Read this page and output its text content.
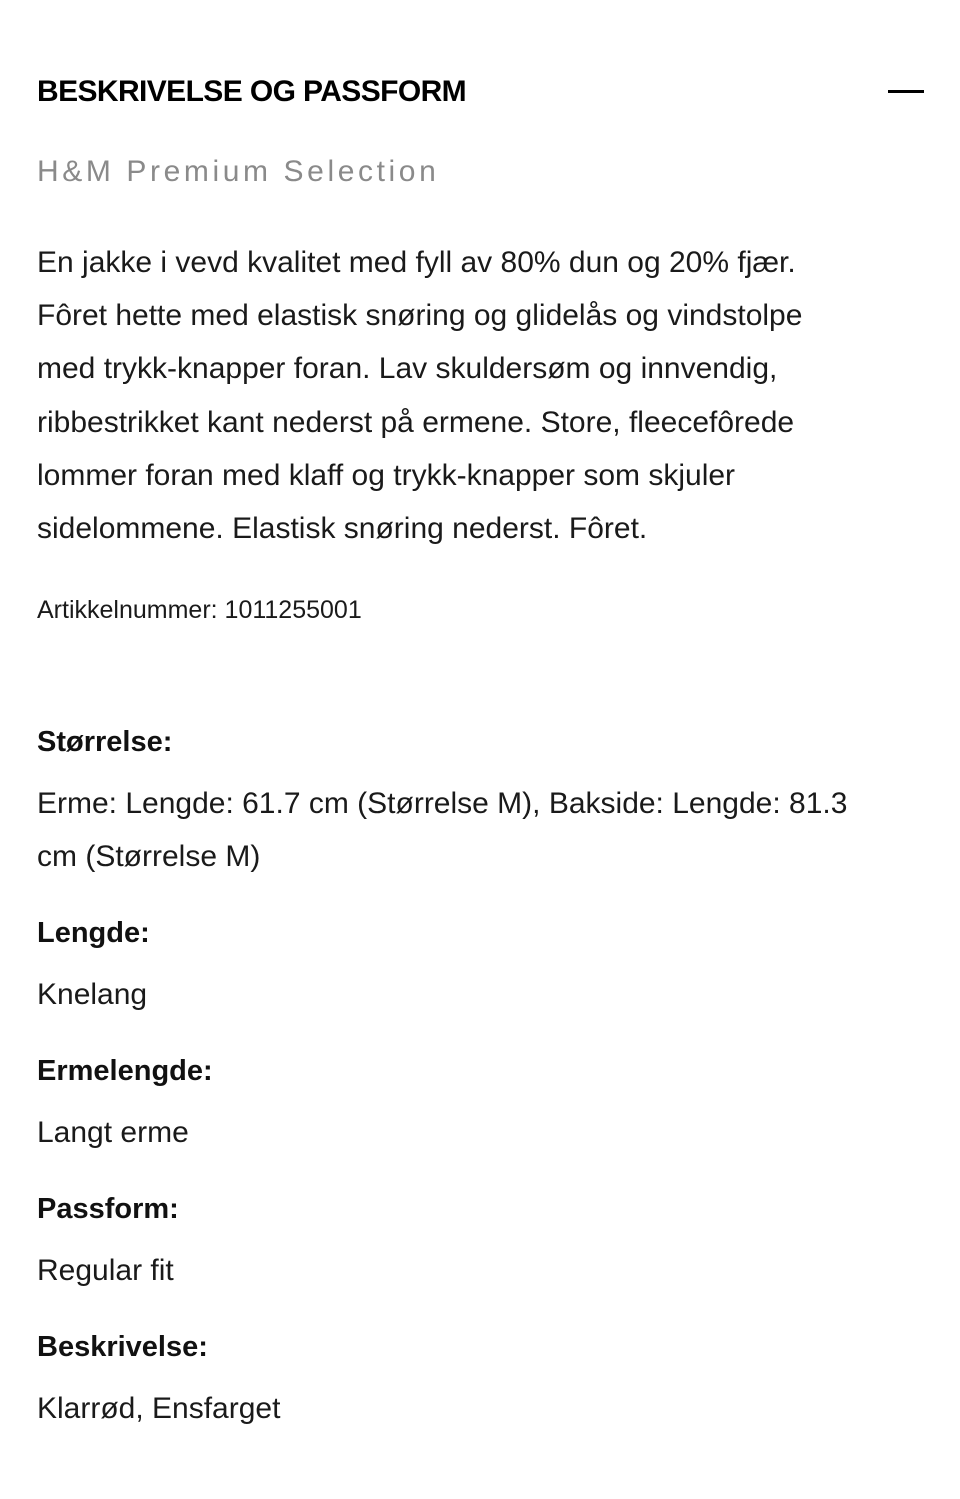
BESKRIVELSE OG PASSFORM
H&M Premium Selection
En jakke i vevd kvalitet med fyll av 80% dun og 20% fjær.
Fôret hette med elastisk snøring og glidelås og vindstolpe
med trykk-knapper foran. Lav skuldersøm og innvendig,
ribbestrikket kant nederst på ermene. Store, fleecefôrede
lommer foran med klaff og trykk-knapper som skjuler
sidelommene. Elastisk snøring nederst. Fôret.
Artikkelnummer: 1011255001
Størrelse:
Erme: Lengde: 61.7 cm (Størrelse M), Bakside: Lengde: 81.3
cm (Størrelse M)
Lengde:
Knelang
Ermelengde:
Langt erme
Passform:
Regular fit
Beskrivelse:
Klarrød, Ensfarget
